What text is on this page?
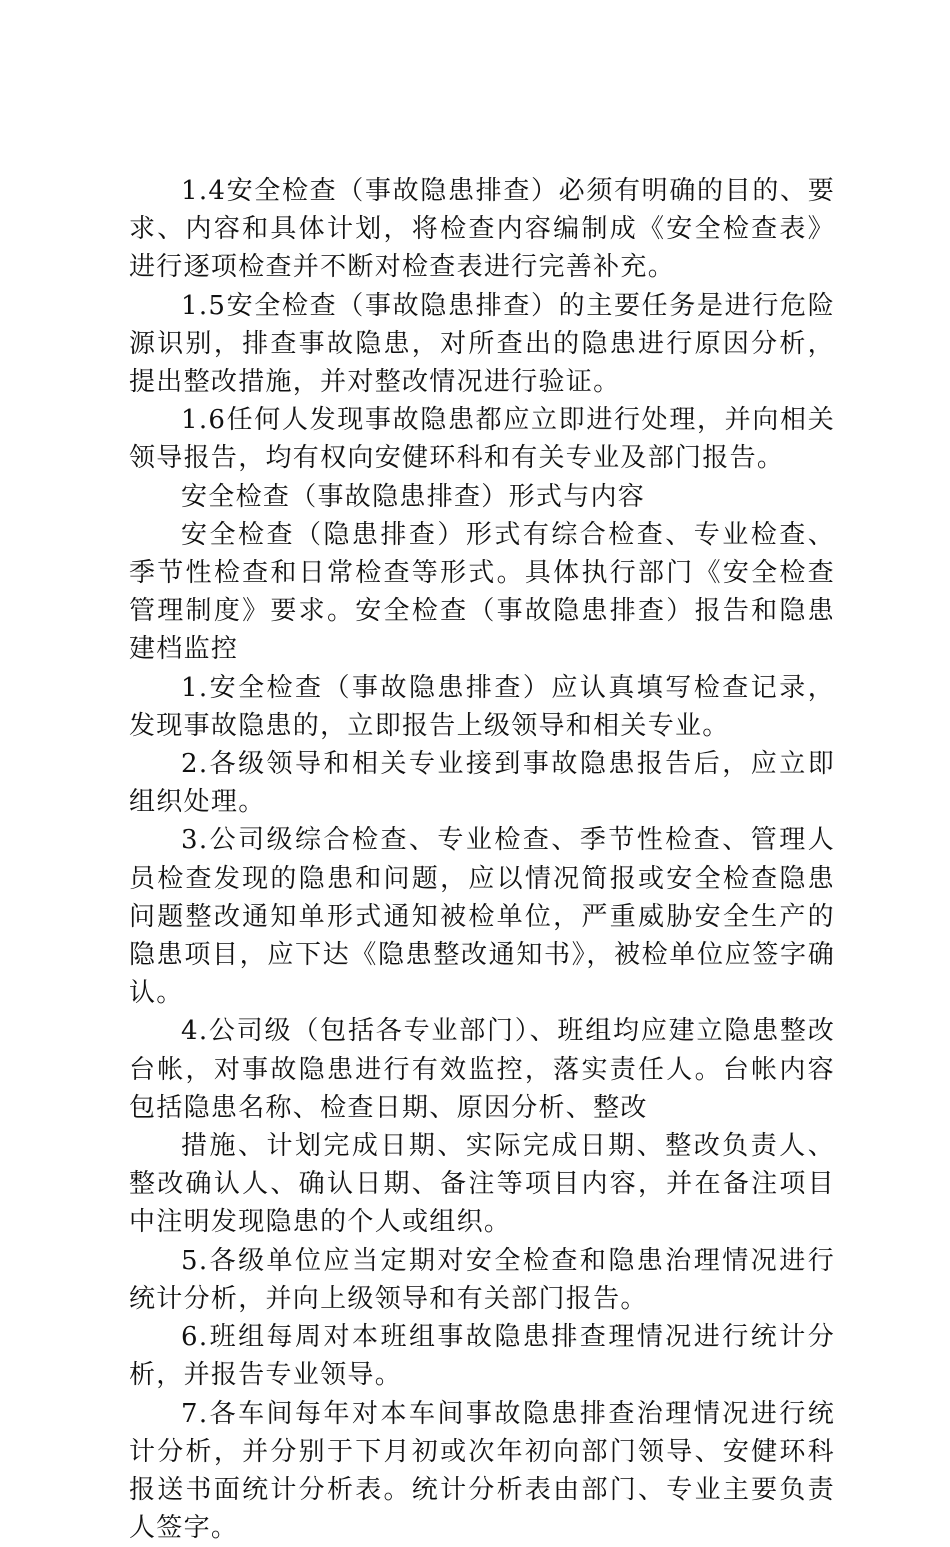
1.4安全检查（事故隐患排查）必须有明确的目的、要求、内容和具体计划，将检查内容编制成《安全检查表》进行逐项检查并不断对检查表进行完善补充。

1.5安全检查（事故隐患排查）的主要任务是进行危险源识别，排查事故隐患，对所查出的隐患进行原因分析，提出整改措施，并对整改情况进行验证。

1.6任何人发现事故隐患都应立即进行处理，并向相关领导报告，均有权向安健环科和有关专业及部门报告。

安全检查（事故隐患排查）形式与内容

安全检查（隐患排查）形式有综合检查、专业检查、季节性检查和日常检查等形式。具体执行部门《安全检查管理制度》要求。安全检查（事故隐患排查）报告和隐患建档监控

1.安全检查（事故隐患排查）应认真填写检查记录，发现事故隐患的，立即报告上级领导和相关专业。

2.各级领导和相关专业接到事故隐患报告后，应立即组织处理。

3.公司级综合检查、专业检查、季节性检查、管理人员检查发现的隐患和问题，应以情况简报或安全检查隐患问题整改通知单形式通知被检单位，严重威胁安全生产的隐患项目，应下达《隐患整改通知书》，被检单位应签字确认。

4.公司级（包括各专业部门）、班组均应建立隐患整改台帐，对事故隐患进行有效监控，落实责任人。台帐内容包括隐患名称、检查日期、原因分析、整改

措施、计划完成日期、实际完成日期、整改负责人、整改确认人、确认日期、备注等项目内容，并在备注项目中注明发现隐患的个人或组织。

5.各级单位应当定期对安全检查和隐患治理情况进行统计分析，并向上级领导和有关部门报告。

6.班组每周对本班组事故隐患排查理情况进行统计分析，并报告专业领导。

7.各车间每年对本车间事故隐患排查治理情况进行统计分析，并分别于下月初或次年初向部门领导、安健环科报送书面统计分析表。统计分析表由部门、专业主要负责人签字。
